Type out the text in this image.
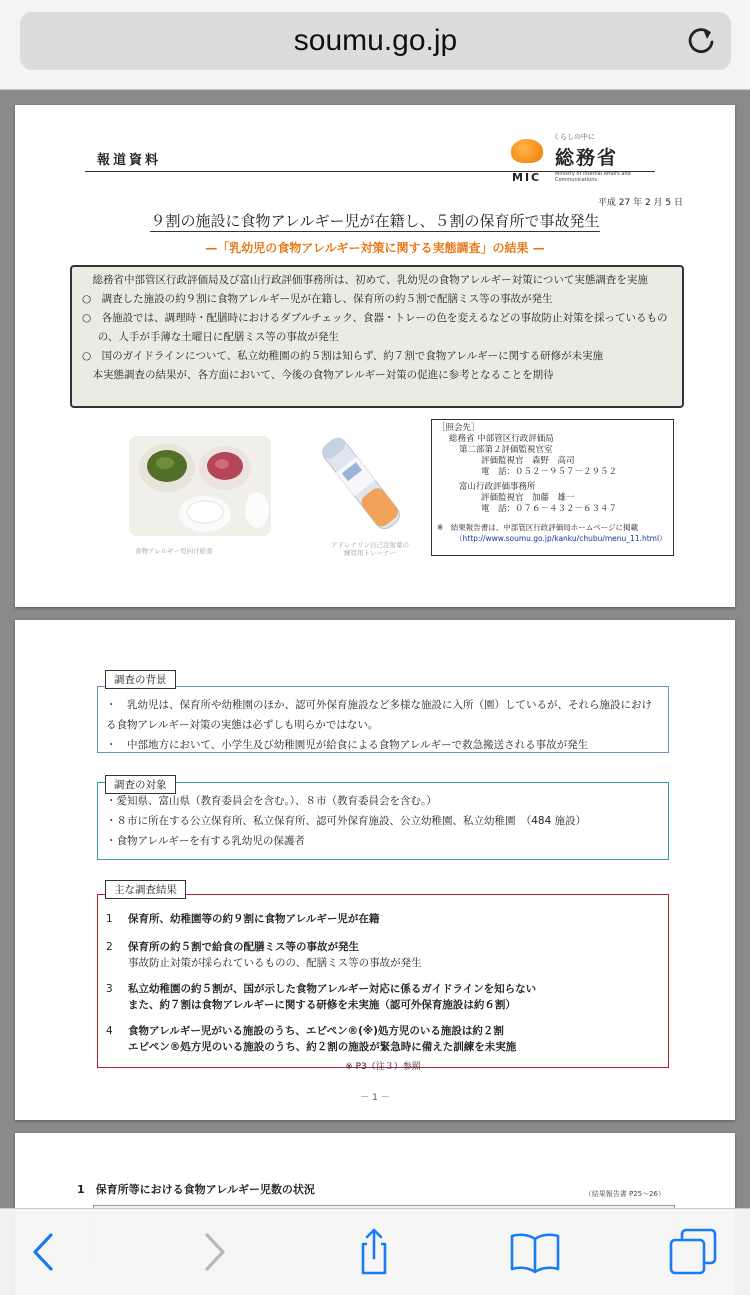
soumu.go.jp
報道資料
くらしの中に
総務省
MIC	Ministry of Internal Affairs and Communications
平成 27 年 2 月 5 日
９割の施設に食物アレルギー児が在籍し、５割の保育所で事故発生
—「乳幼児の食物アレルギー対策に関する実態調査」の結果 —
　総務省中部管区行政評価局及び富山行政評価事務所は、初めて、乳幼児の食物アレルギー対策について実態調査を実施
○　調査した施設の約９割に食物アレルギー児が在籍し、保育所の約５割で配膳ミス等の事故が発生
○　各施設では、調理時・配膳時におけるダブルチェック、食器・トレーの色を変えるなどの事故防止対策を採っているものの、人手が手薄な土曜日に配膳ミス等の事故が発生
○　国のガイドラインについて、私立幼稚園の約５割は知らず、約７割で食物アレルギーに関する研修が未実施
　本実態調査の結果が、各方面において、今後の食物アレルギー対策の促進に参考となることを期待
食物アレルギー児向け給食
アドレナリン自己注射薬の練習用トレーナー
［照会先］
総務省 中部管区行政評価局
第二部第２評価監視官室
評価監視官　森野　高司
電　話：０５２－９５７－２９５２
富山行政評価事務所
評価監視官　加藤　雄一
電　話：０７６－４３２－６３４７
※　結果報告書は、中部管区行政評価局ホームページに掲載
（http://www.soumu.go.jp/kanku/chubu/menu_11.html）
・　乳幼児は、保育所や幼稚園のほか、認可外保育施設など多様な施設に入所（園）しているが、それら施設における食物アレルギー対策の実態は必ずしも明らかではない。
・　中部地方において、小学生及び幼稚園児が給食による食物アレルギーで救急搬送される事故が発生
調査の背景
・愛知県、富山県（教育委員会を含む。）、８市（教育委員会を含む。）
・８市に所在する公立保育所、私立保育所、認可外保育施設、公立幼稚園、私立幼稚園　（484 施設）
・食物アレルギーを有する乳幼児の保護者
調査の対象
1	保育所、幼稚園等の約９割に食物アレルギー児が在籍
2	保育所の約５割で給食の配膳ミス等の事故が発生
事故防止対策が採られているものの、配膳ミス等の事故が発生
3	私立幼稚園の約５割が、国が示した食物アレルギー対応に係るガイドラインを知らない
また、約７割は食物アレルギーに関する研修を未実施（認可外保育施設は約６割）
4	食物アレルギー児がいる施設のうち、エピペン®(※)処方児のいる施設は約２割
エピペン®処方児のいる施設のうち、約２割の施設が緊急時に備えた訓練を未実施
※ P3（注３）参照
主な調査結果
－ 1 －
1　保育所等における食物アレルギー児数の状況	（結果報告書 P25～26）
